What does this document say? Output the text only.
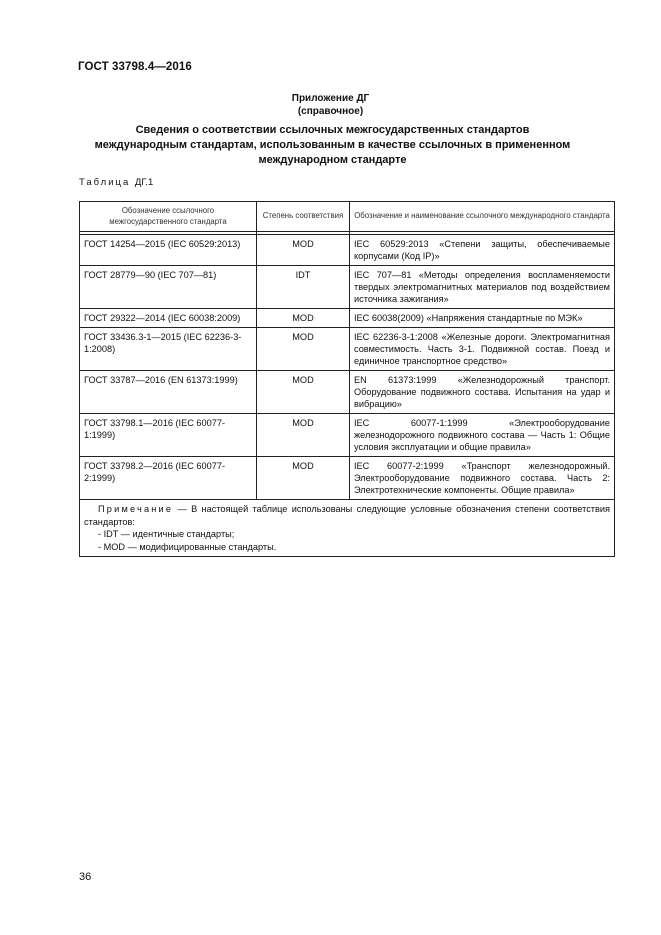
ГОСТ 33798.4—2016
Приложение ДГ
(справочное)
Сведения о соответствии ссылочных межгосударственных стандартов международным стандартам, использованным в качестве ссылочных в примененном международном стандарте
Таблица ДГ.1
Обозначение ссылочного межгосударственного стандарта	Степень соответствия	Обозначение и наименование ссылочного международного стандарта

ГОСТ 14254—2015 (IEC 60529:2013)	MOD	IEC 60529:2013 «Степени защиты, обеспечиваемые корпусами (Код IP)»
ГОСТ 28779—90 (IEC 707—81)	IDT	IEC 707—81 «Методы определения воспламеняемости твердых электромагнитных материалов под воздействием источника зажигания»
ГОСТ 29322—2014 (IEC 60038:2009)	MOD	IEC 60038(2009) «Напряжения стандартные по МЭК»
ГОСТ 33436.3-1—2015 (IEC 62236-3-1:2008)	MOD	IEC 62236-3-1:2008 «Железные дороги. Электромагнитная совместимость. Часть 3-1. Подвижной состав. Поезд и единичное транспортное средство»
ГОСТ 33787—2016 (EN 61373:1999)	MOD	EN 61373:1999 «Железнодорожный транспорт. Оборудование подвижного состава. Испытания на удар и вибрацию»
ГОСТ 33798.1—2016 (IEC 60077-1:1999)	MOD	IEC 60077-1:1999 «Электрооборудование железнодорожного подвижного состава — Часть 1: Общие условия эксплуатации и общие правила»
ГОСТ 33798.2—2016 (IEC 60077-2:1999)	MOD	IEC 60077-2:1999 «Транспорт железнодорожный. Электрооборудование подвижного состава. Часть 2: Электротехнические компоненты. Общие правила»

Примечание — В настоящей таблице использованы следующие условные обозначения степени соответствия стандартов:
- IDT — идентичные стандарты;
- MOD — модифицированные стандарты.		
36
